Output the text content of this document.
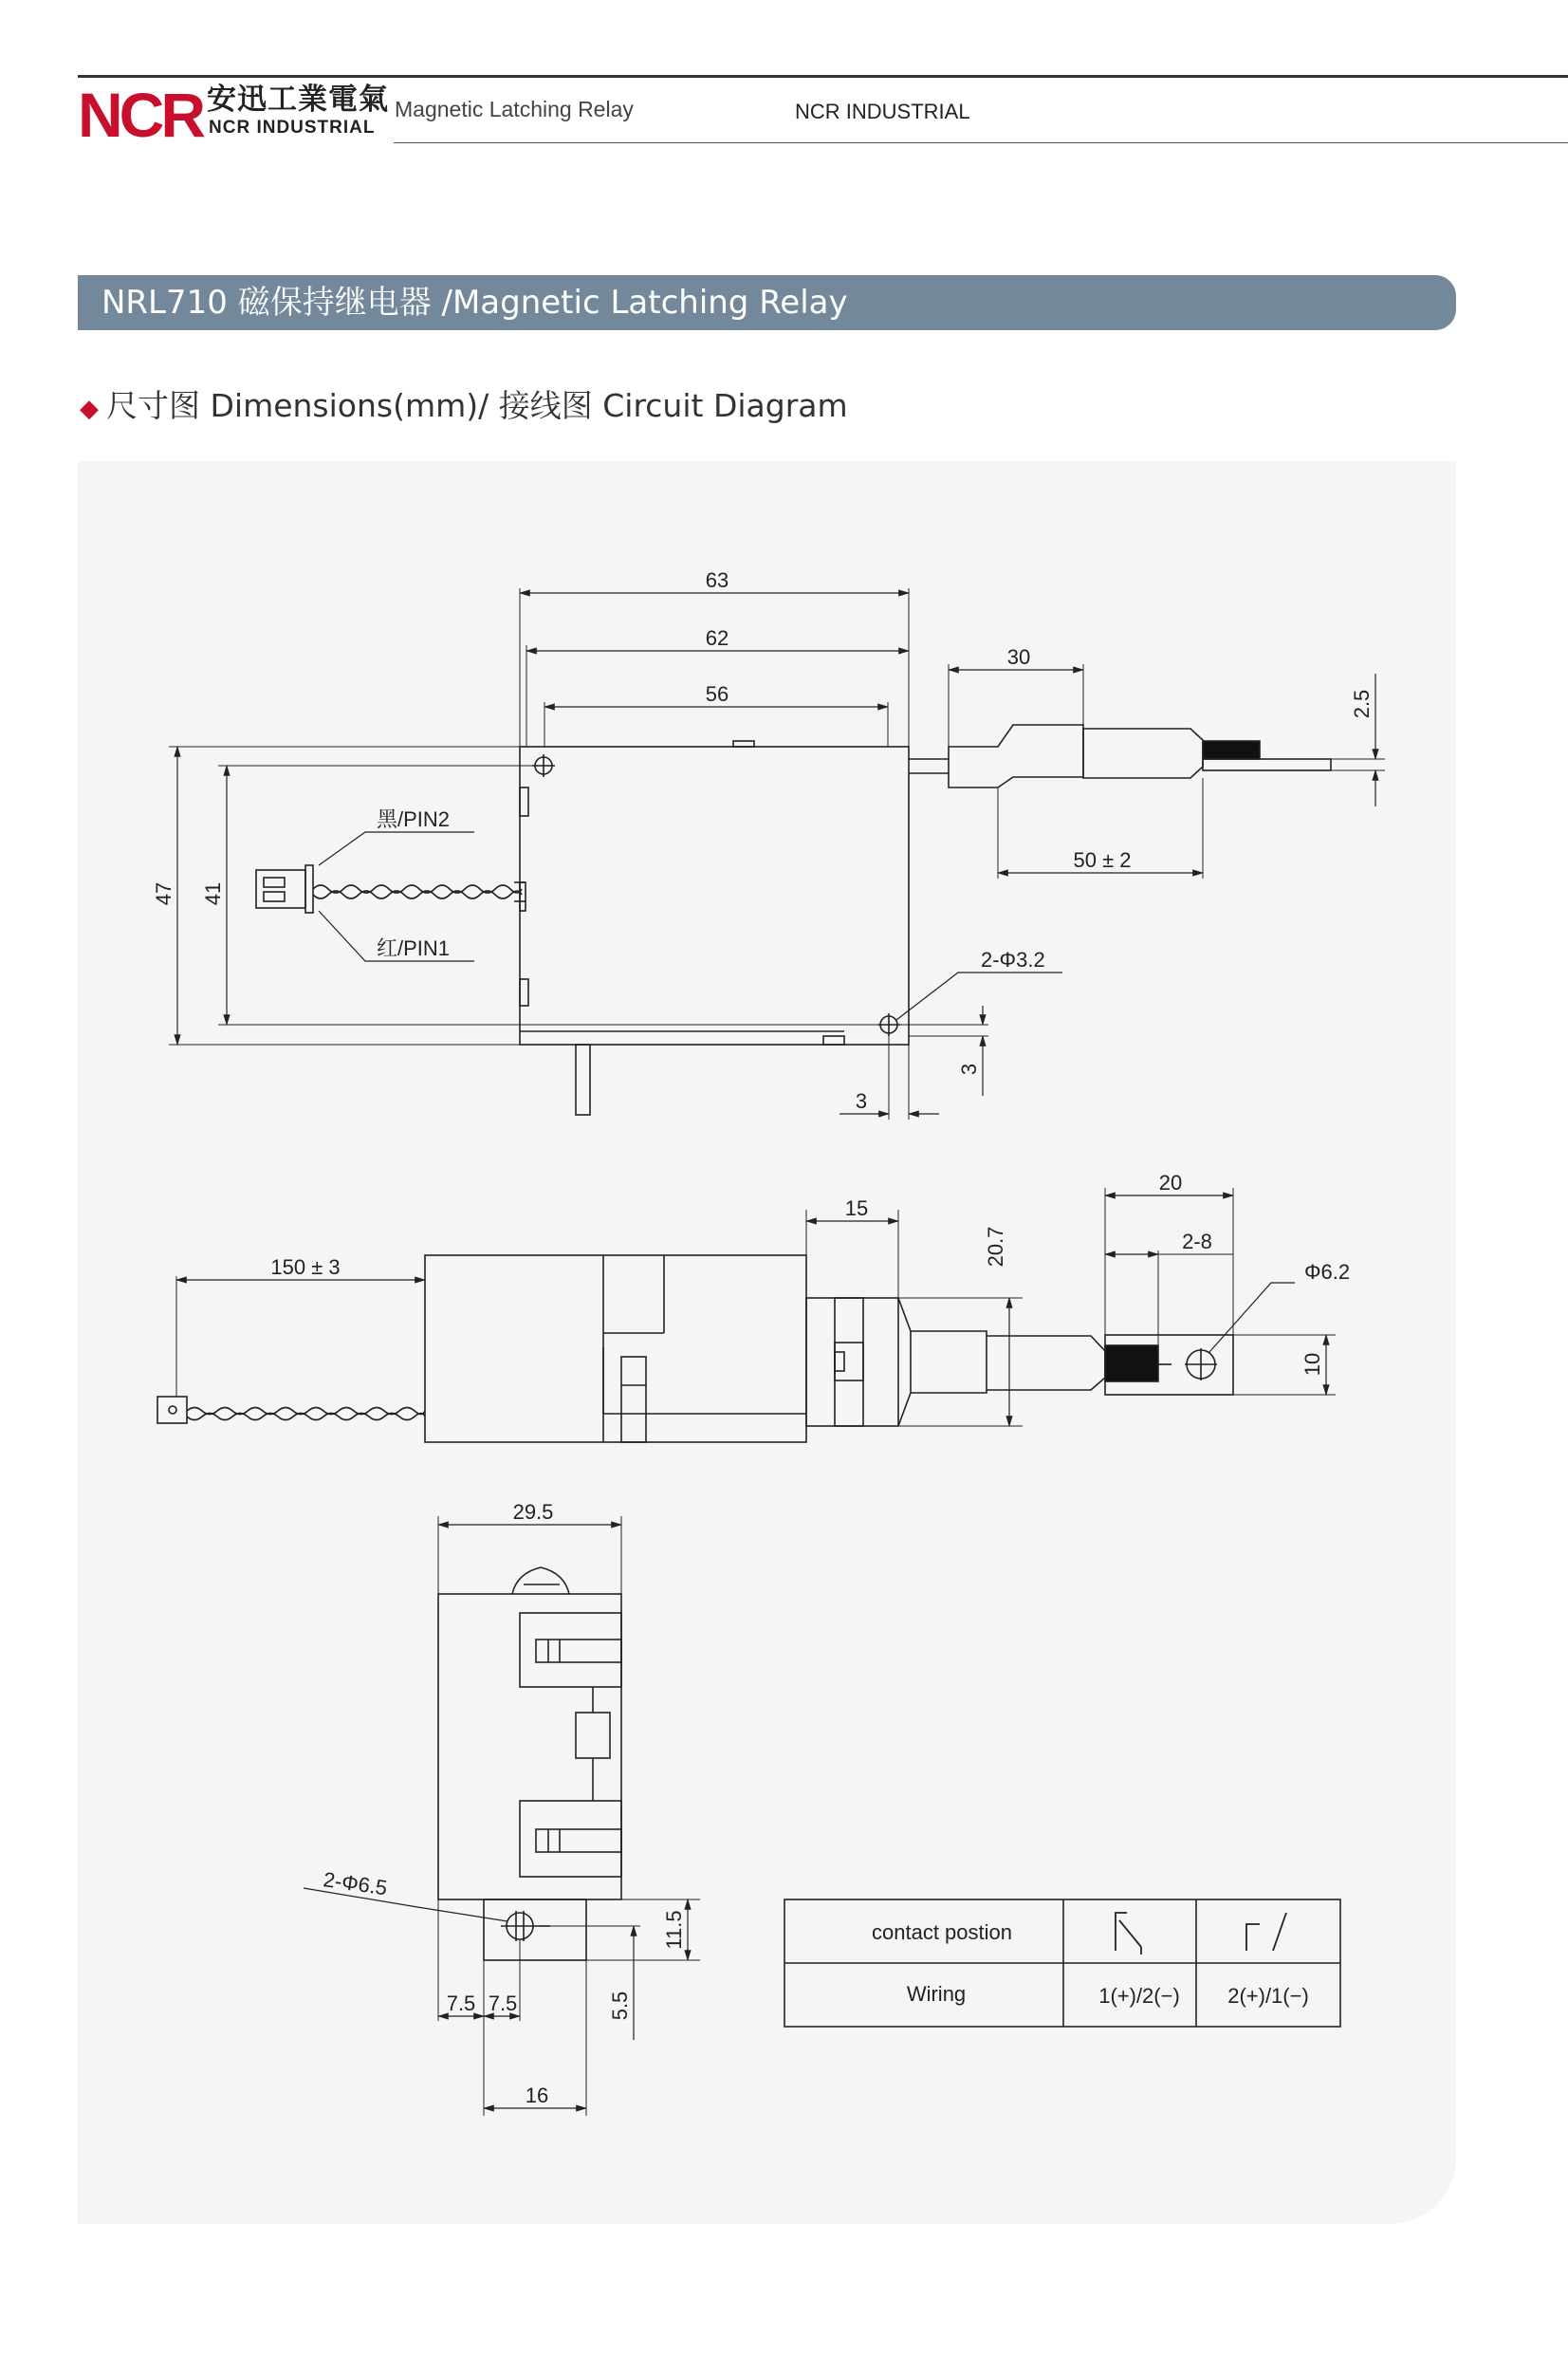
NCR 安迅工業電氣
NCR INDUSTRIAL
Magnetic Latching Relay	NCR INDUSTRIAL
NRL710 磁保持继电器 /Magnetic Latching Relay
◆ 尺寸图 Dimensions(mm)/ 接线图 Circuit Diagram
63
62
56
30
2.5
47 41
黑/PIN2
红/PIN1	2-Φ3.2
50 ± 2
3
3
150 ± 3
15
20.7
20
2-8
Φ6.2
10
29.5
2-Φ6.5
11.5
7.5 7.5	5.5
16
contact postion
Wiring	1(+)/2(−) 2(+)/1(−)
